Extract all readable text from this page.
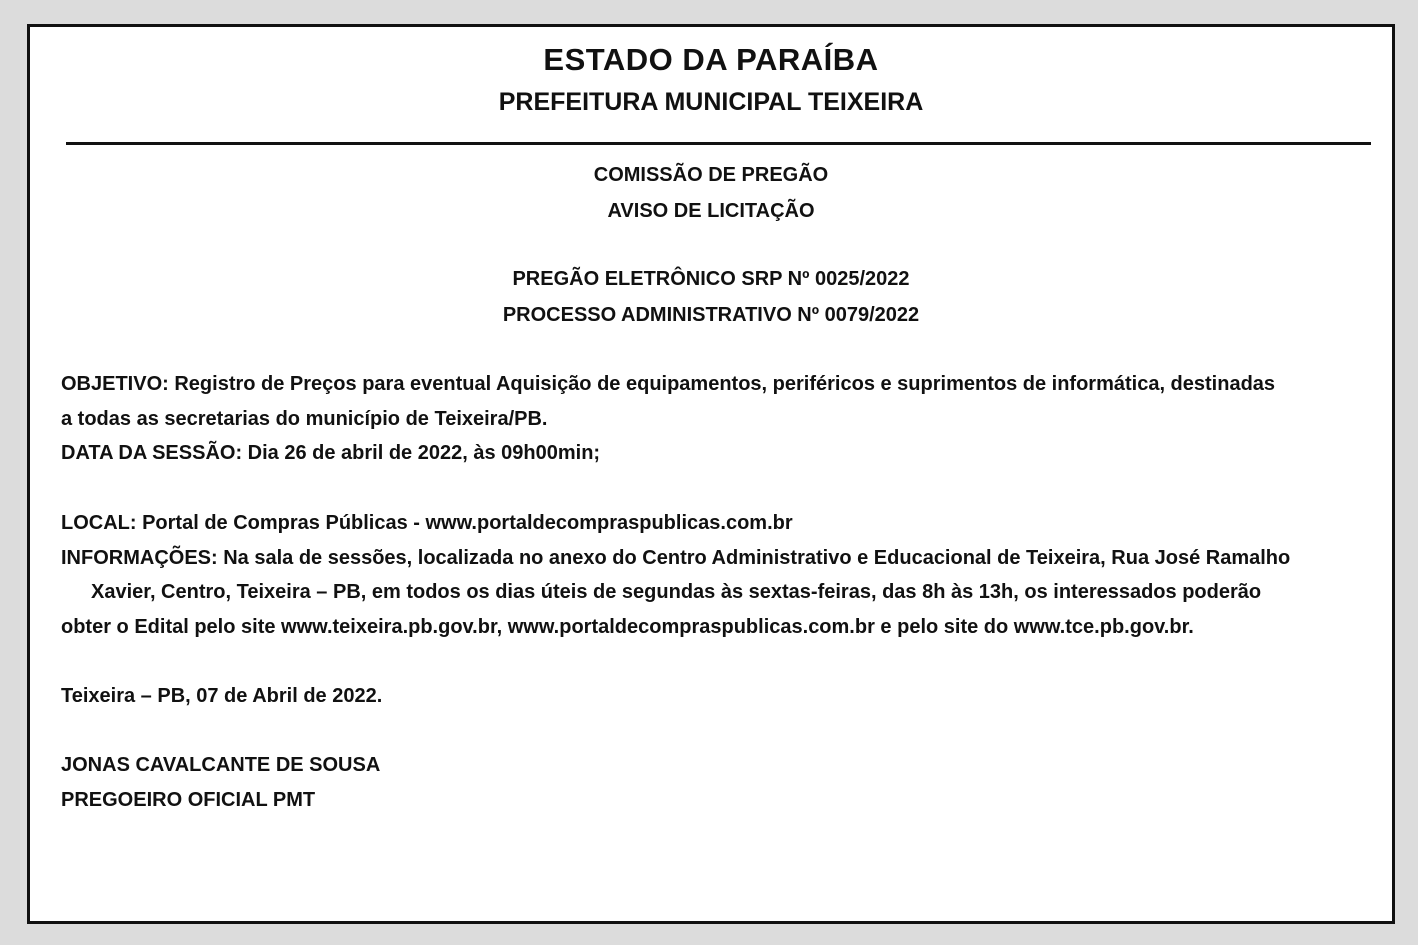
ESTADO DA PARAÍBA
PREFEITURA MUNICIPAL TEIXEIRA

COMISSÃO DE PREGÃO

AVISO DE LICITAÇÃO

PREGÃO ELETRÔNICO SRP Nº 0025/2022

PROCESSO ADMINISTRATIVO Nº 0079/2022

OBJETIVO: Registro de Preços para eventual Aquisição de equipamentos, periféricos e suprimentos de informática, destinadas

a todas as secretarias do município de Teixeira/PB.

DATA DA SESSÃO: Dia 26 de abril de 2022, às 09h00min;

LOCAL: Portal de Compras Públicas - www.portaldecompraspublicas.com.br

INFORMAÇÕES: Na sala de sessões, localizada no anexo do Centro Administrativo e Educacional de Teixeira, Rua José Ramalho

Xavier, Centro, Teixeira – PB, em todos os dias úteis de segundas às sextas-feiras, das 8h às 13h, os interessados poderão

obter o Edital pelo site www.teixeira.pb.gov.br, www.portaldecompraspublicas.com.br e pelo site do www.tce.pb.gov.br.

Teixeira – PB, 07 de Abril de 2022.

JONAS CAVALCANTE DE SOUSA

PREGOEIRO OFICIAL PMT
